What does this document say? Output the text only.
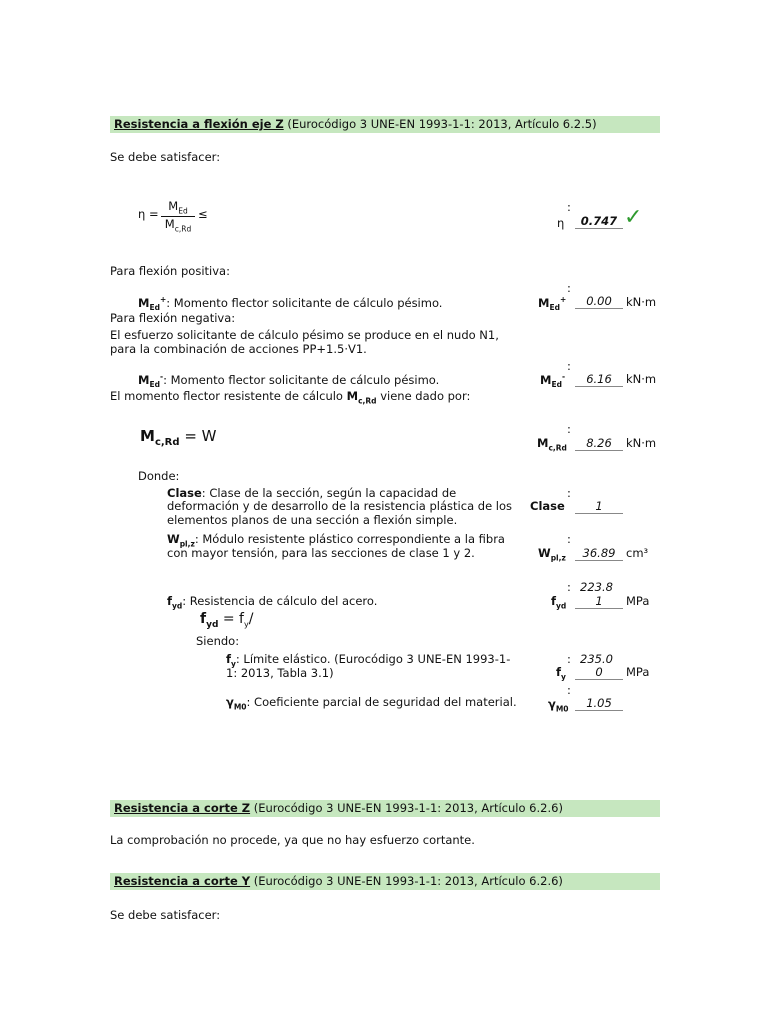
Resistencia a flexión eje Z (Eurocódigo 3 UNE-EN 1993-1-1: 2013, Artículo 6.2.5)
Se debe satisfacer:
η =
$M_{Ed}$
$M_{c,Rd}$
≤	:
η	0.747 ✓
Para flexión positiva:
:
$M_{Ed}^+$: Momento flector solicitante de cálculo pésimo.	$M_{Ed}^+$	0.00	kN·m
Para flexión negativa:
El esfuerzo solicitante de cálculo pésimo se produce en el nudo N1,
para la combinación de acciones PP+1.5·V1.
:
$M_{Ed}^-$: Momento flector solicitante de cálculo pésimo.	$M_{Ed}^-$	6.16	kN·m
El momento flector resistente de cálculo $M_{c,Rd}$ viene dado por:
$M_{c,Rd} = W$	:
$M_{c,Rd}$	8.26	kN·m
Donde:
Clase: Clase de la sección, según la capacidad de
deformación y de desarrollo de la resistencia plástica de los
elementos planos de una sección a flexión simple.
:
Clase	1
$W_{pl,z}$: Módulo resistente plástico correspondiente a la fibra
con mayor tensión, para las secciones de clase 1 y 2.
:
$W_{pl,z}$	36.89 cm³
: 223.8
$f_{yd}$: Resistencia de cálculo del acero.	$f_{yd}$	1	MPa
$f_{yd} = f_y/$
Siendo:
$f_y$: Límite elástico. (Eurocódigo 3 UNE-EN 1993-1-
1: 2013, Tabla 3.1)
: 235.0
$f_y$	0	MPa
:
$\gamma_{M0}$: Coeficiente parcial de seguridad del material.	$\gamma_{M0}$	1.05
Resistencia a corte Z (Eurocódigo 3 UNE-EN 1993-1-1: 2013, Artículo 6.2.6)
La comprobación no procede, ya que no hay esfuerzo cortante.
Resistencia a corte Y (Eurocódigo 3 UNE-EN 1993-1-1: 2013, Artículo 6.2.6)
Se debe satisfacer:
